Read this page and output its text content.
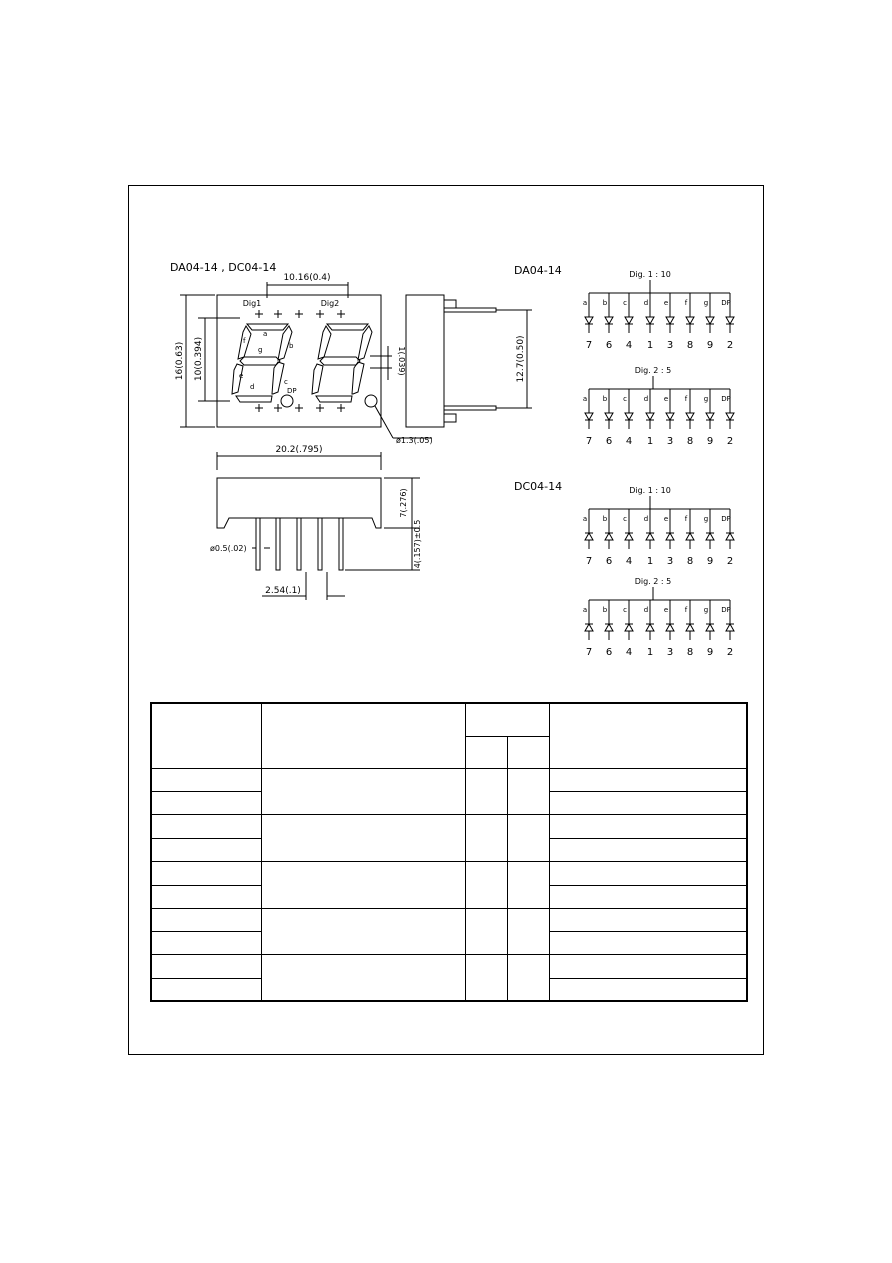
DA04-14 , DC04-14
10.16(0.4)
Dig1	Dig2
16(0.63) 10(0.394)	1(.039)
ø1.3(.05)
a
b
c
d
e
f
g
DP
12.7(0.50)
20.2(.795)
7(.276)
4(.157)±0.5
ø0.5(.02)
2.54(.1)
DA04-14
DC04-14
Dig. 1 : 10
a
7
b
6
c
4
d
1
e
3
f
8
g
9
DP
2
Dig. 2 : 5
a
7
b
6
c
4
d
1
e
3
f
8
g
9
DP
2
Dig. 1 : 10
a
7
b
6
c
4
d
1
e
3
f
8
g
9
DP
2
Dig. 2 : 5
a
7
b
6
c
4
d
1
e
3
f
8
g
9
DP
2
